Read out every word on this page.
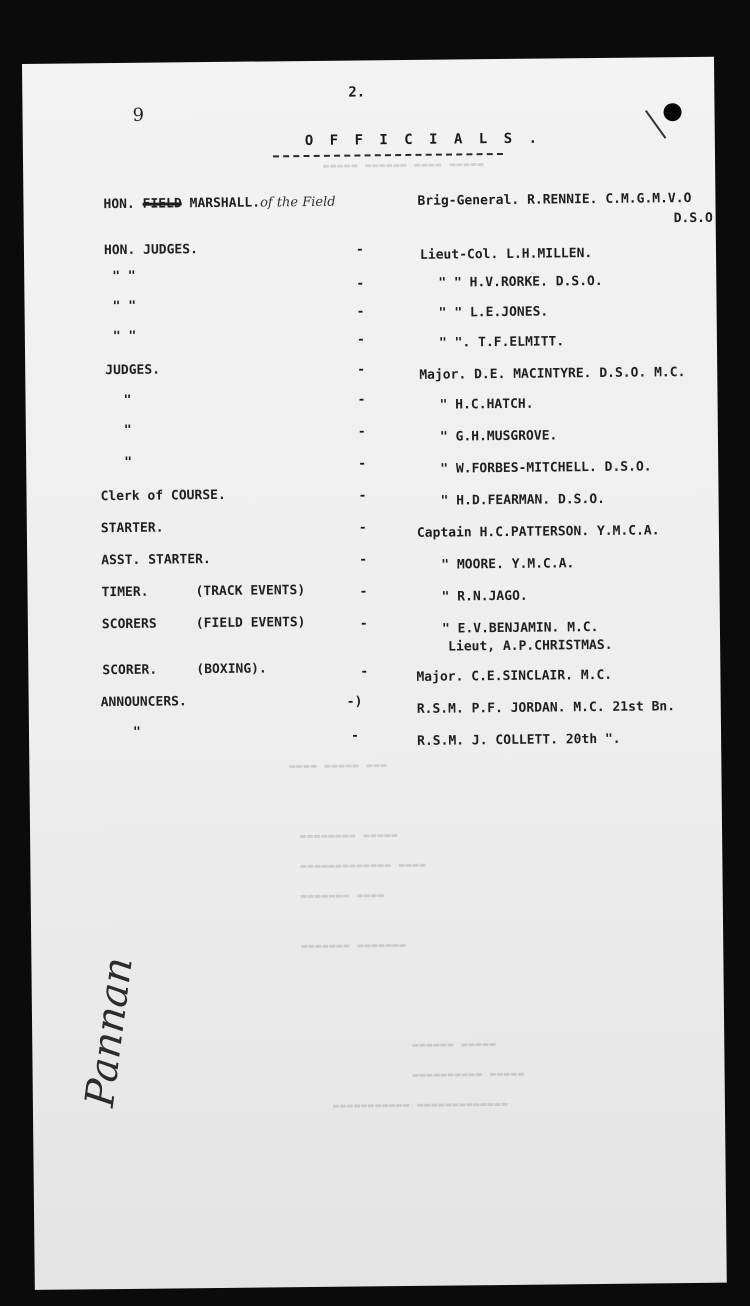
▬▬▬▬▬ ▬▬▬▬▬▬ ▬▬▬▬ ▬▬▬▬▬
▬▬▬▬ ▬▬▬▬▬ ▬▬▬
▬▬▬▬▬▬▬▬ ▬▬▬▬▬
▬▬▬▬▬▬▬▬▬▬▬▬▬ ▬▬▬▬
▬▬▬▬▬▬▬ ▬▬▬▬
▬▬▬▬▬▬▬ ▬▬▬▬▬▬▬
▬▬▬▬▬▬ ▬▬▬▬▬
▬▬▬▬▬▬▬▬▬▬ ▬▬▬▬▬
▬▬▬▬▬▬▬▬▬▬▬ ▬▬▬▬▬▬▬▬▬▬▬▬▬
9
2.
O F F I C I A L S .
HON. FIELD MARSHALL.of the Field	Brig-General. R.RENNIE. C.M.G.M.V.O
D.S.O
HON. JUDGES.	-	Lieut-Col. L.H.MILLEN.
" "	-	" " H.V.RORKE. D.S.O.
" "	-	" " L.E.JONES.
" "	-	" ". T.F.ELMITT.
JUDGES.	-	Major. D.E. MACINTYRE. D.S.O. M.C.
"	-	" H.C.HATCH.
"	-	" G.H.MUSGROVE.
"	-	" W.FORBES-MITCHELL. D.S.O.
Clerk of COURSE.	-	" H.D.FEARMAN. D.S.O.
STARTER.	-	Captain H.C.PATTERSON. Y.M.C.A.
ASST. STARTER.	-	" MOORE. Y.M.C.A.
TIMER.	(TRACK EVENTS)	-	" R.N.JAGO.
SCORERS	(FIELD EVENTS)	-	" E.V.BENJAMIN. M.C.
Lieut, A.P.CHRISTMAS.
SCORER.	(BOXING).	-	Major. C.E.SINCLAIR. M.C.
ANNOUNCERS.	-)	R.S.M. P.F. JORDAN. M.C. 21st Bn.
"	-	R.S.M. J. COLLETT. 20th ".
Pannan
